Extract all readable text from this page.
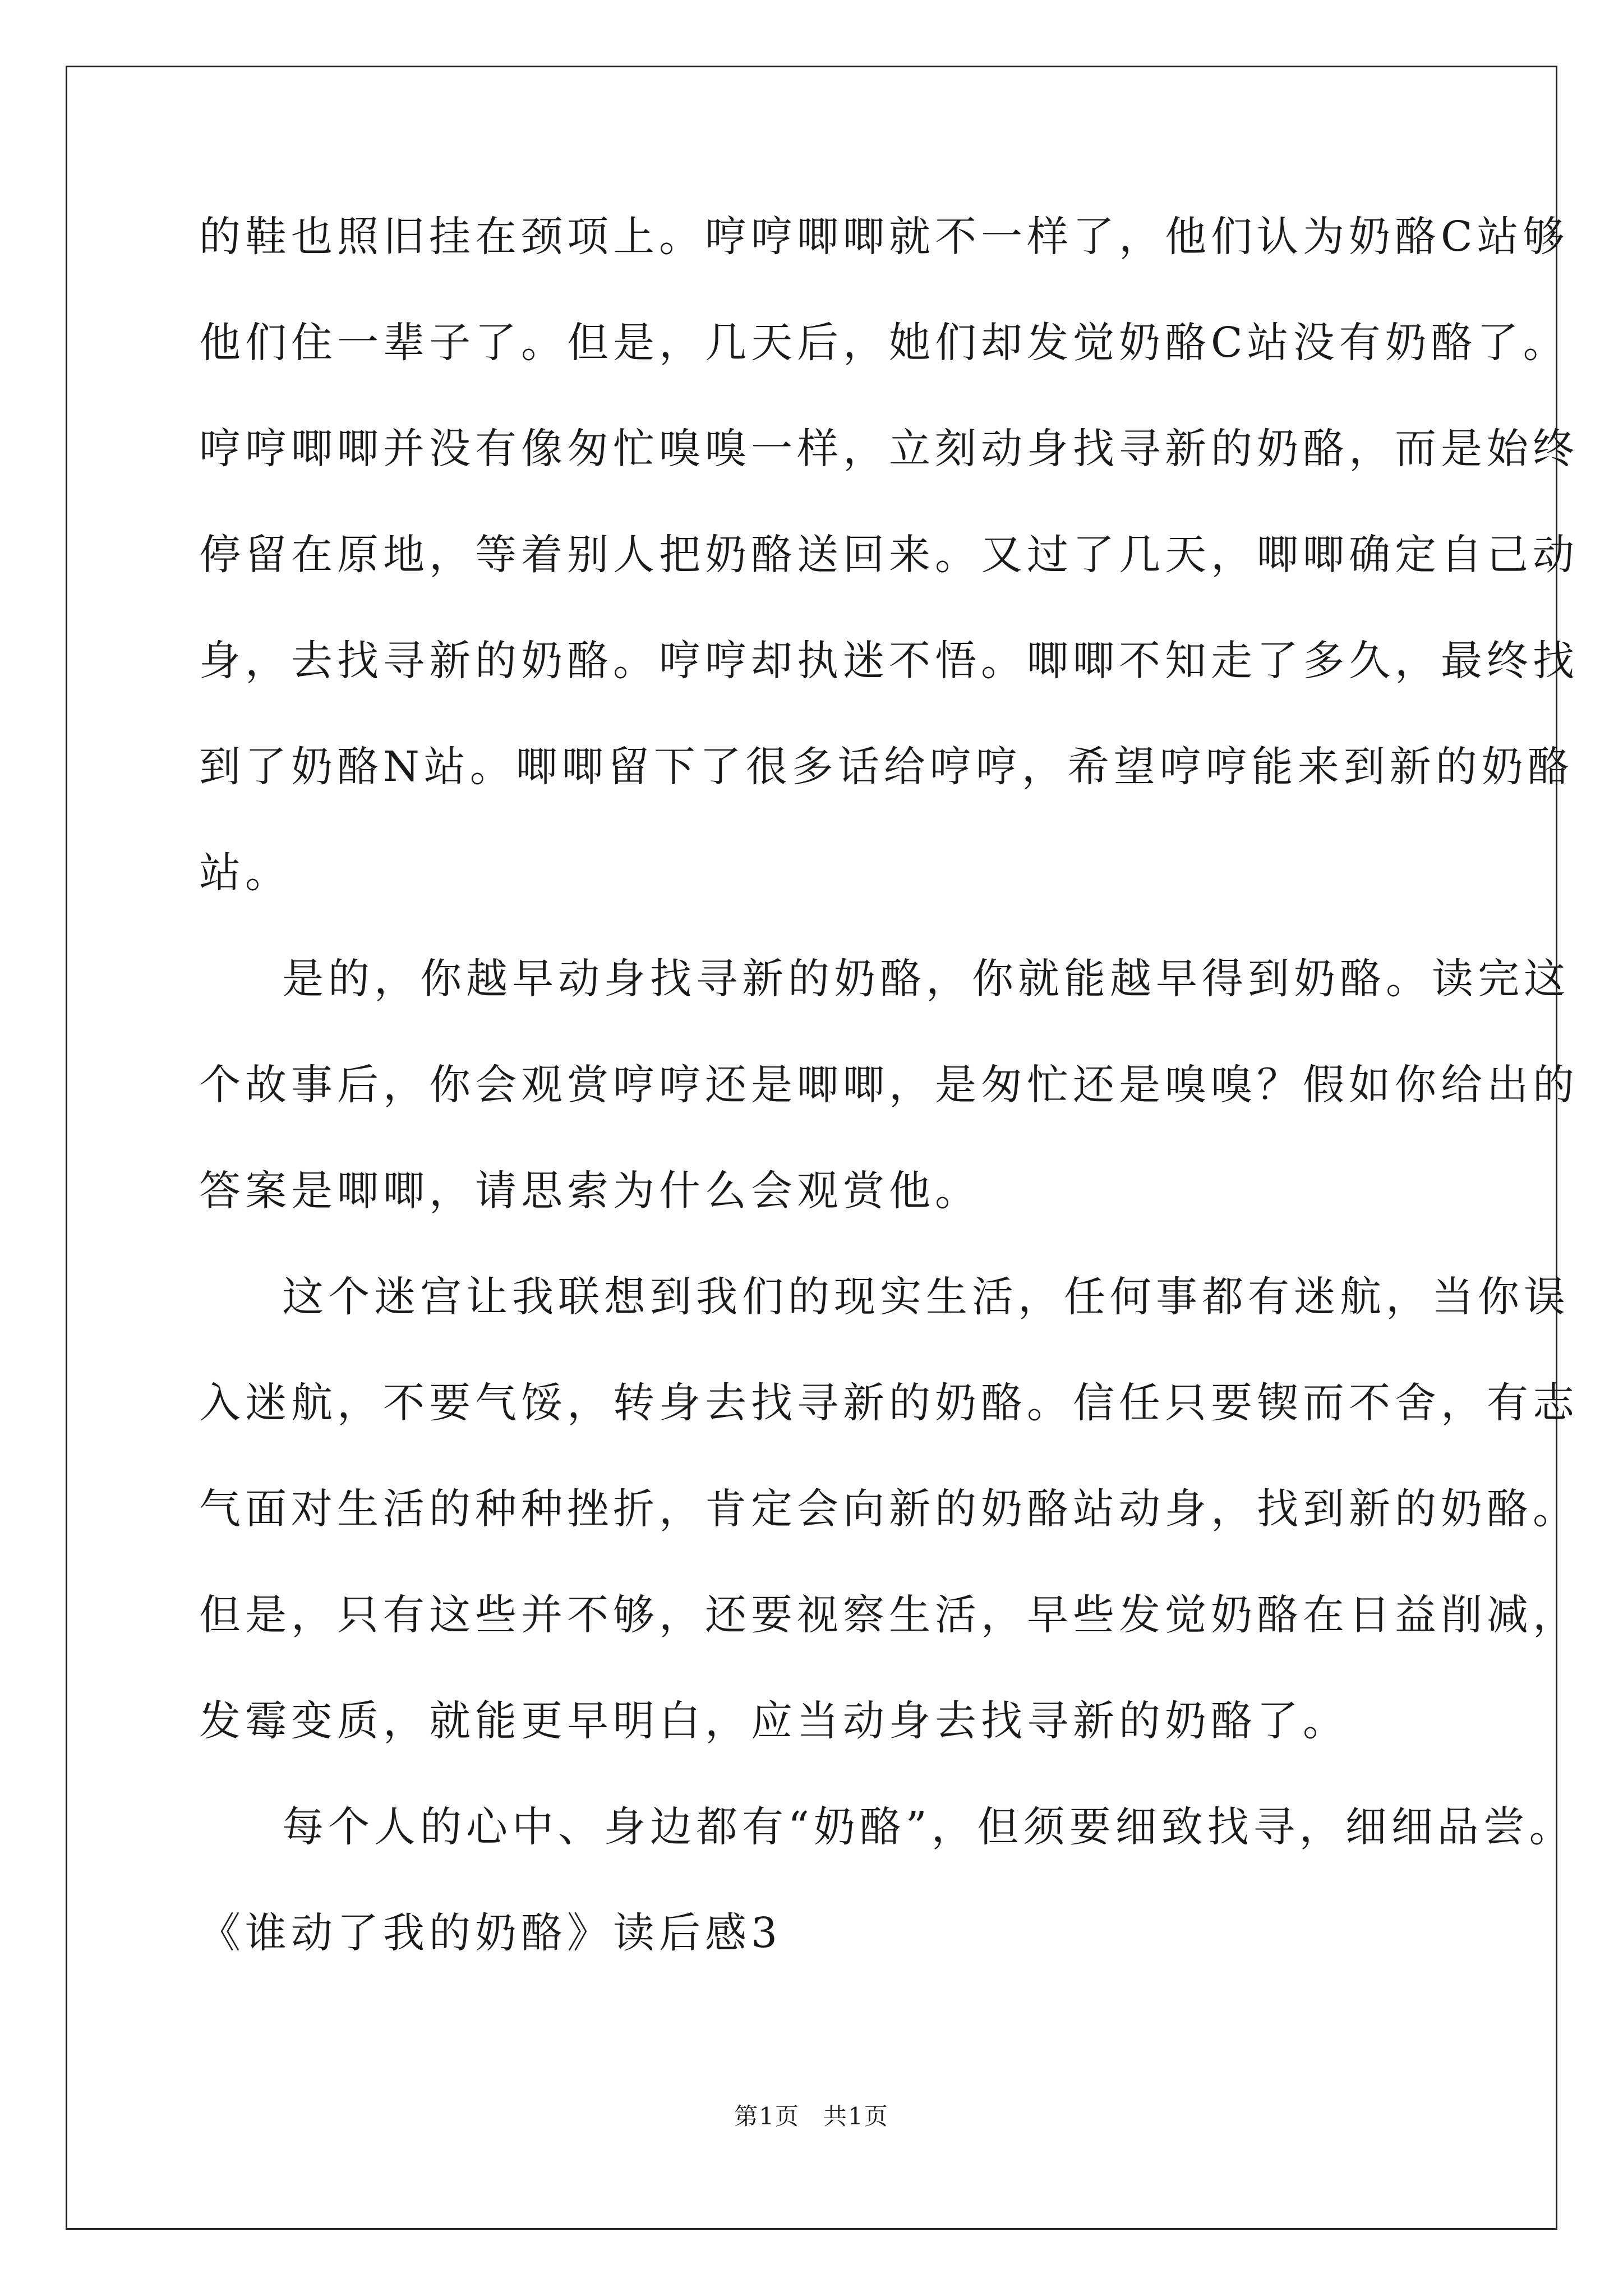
的鞋也照旧挂在颈项上。哼哼唧唧就不一样了，他们认为奶酪C站够
他们住一辈子了。但是，几天后，她们却发觉奶酪C站没有奶酪了。
哼哼唧唧并没有像匆忙嗅嗅一样，立刻动身找寻新的奶酪，而是始终
停留在原地，等着别人把奶酪送回来。又过了几天，唧唧确定自己动
身，去找寻新的奶酪。哼哼却执迷不悟。唧唧不知走了多久，最终找
到了奶酪N站。唧唧留下了很多话给哼哼，希望哼哼能来到新的奶酪
站。
是的，你越早动身找寻新的奶酪，你就能越早得到奶酪。读完这
个故事后，你会观赏哼哼还是唧唧，是匆忙还是嗅嗅？假如你给出的
答案是唧唧，请思索为什么会观赏他。
这个迷宫让我联想到我们的现实生活，任何事都有迷航，当你误
入迷航，不要气馁，转身去找寻新的奶酪。信任只要锲而不舍，有志
气面对生活的种种挫折，肯定会向新的奶酪站动身，找到新的奶酪。
但是，只有这些并不够，还要视察生活，早些发觉奶酪在日益削减，
发霉变质，就能更早明白，应当动身去找寻新的奶酪了。
每个人的心中、身边都有“奶酪”，但须要细致找寻，细细品尝。
《谁动了我的奶酪》读后感3
第1页 共1页
